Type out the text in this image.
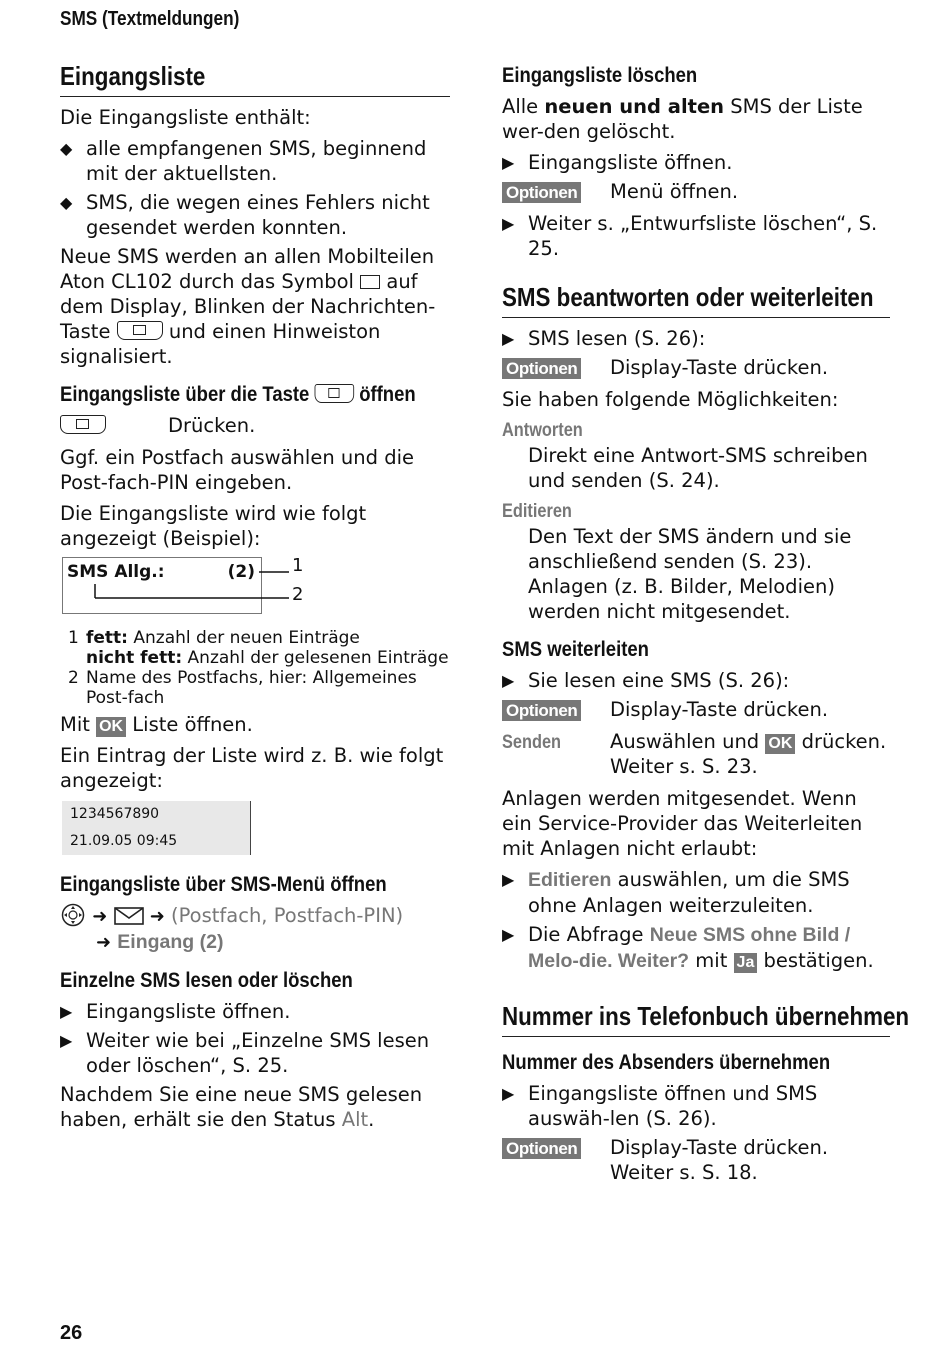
SMS (Textmeldungen)
Eingangsliste

Die Eingangsliste enthält:

◆ alle empfangenen SMS, beginnend mit der aktuellsten.
◆ SMS, die wegen eines Fehlers nicht gesendet werden konnten.

Neue SMS werden an allen Mobilteilen Aton CL102 durch das Symbol auf dem Display, Blinken der Nachrichten-Taste	und einen Hinweiston signalisiert.

Eingangsliste über die Taste öffnen
Drücken.

Ggf. ein Postfach auswählen und die Post-fach-PIN eingeben.

Die Eingangsliste wird wie folgt angezeigt (Beispiel):

SMS Allg.:	(2) 1
2
1 fett: Anzahl der neuen Einträge
nicht fett: Anzahl der gelesenen Einträge
2 Name des Postfachs, hier: Allgemeines Post-fach

Mit OK Liste öffnen.

Ein Eintrag der Liste wird z. B. wie folgt angezeigt:

1234567890
21.09.05 09:45
Eingangsliste über SMS-Menü öffnen

➜ ➜ (Postfach, Postfach-PIN)

➜ Eingang (2)

Einzelne SMS lesen oder löschen
▶ Eingangsliste öffnen.
▶ Weiter wie bei „Einzelne SMS lesen oder löschen“, S. 25.

Nachdem Sie eine neue SMS gelesen haben, erhält sie den Status Alt.

Eingangsliste löschen

Alle neuen und alten SMS der Liste wer-den gelöscht.

▶ Eingangsliste öffnen.
Optionen	Menü öffnen.
▶ Weiter s. „Entwurfsliste löschen“, S. 25.
SMS beantworten oder weiterleiten
▶ SMS lesen (S. 26):
Optionen	Display-Taste drücken.

Sie haben folgende Möglichkeiten:

Antworten
Direkt eine Antwort-SMS schreiben und senden (S. 24).
Editieren
Den Text der SMS ändern und sie anschließend senden (S. 23). Anlagen (z. B. Bilder, Melodien) werden nicht mitgesendet.
SMS weiterleiten
▶ Sie lesen eine SMS (S. 26):
Optionen	Display-Taste drücken.
Senden	Auswählen und OK drücken. Weiter s. S. 23.

Anlagen werden mitgesendet. Wenn ein Service-Provider das Weiterleiten mit Anlagen nicht erlaubt:

▶ Editieren auswählen, um die SMS ohne Anlagen weiterzuleiten.
▶ Die Abfrage Neue SMS ohne Bild / Melo-die. Weiter? mit Ja bestätigen.
Nummer ins Telefonbuch übernehmen
Nummer des Absenders übernehmen
▶ Eingangsliste öffnen und SMS auswäh-len (S. 26).
Optionen	Display-Taste drücken. Weiter s. S. 18.
26
